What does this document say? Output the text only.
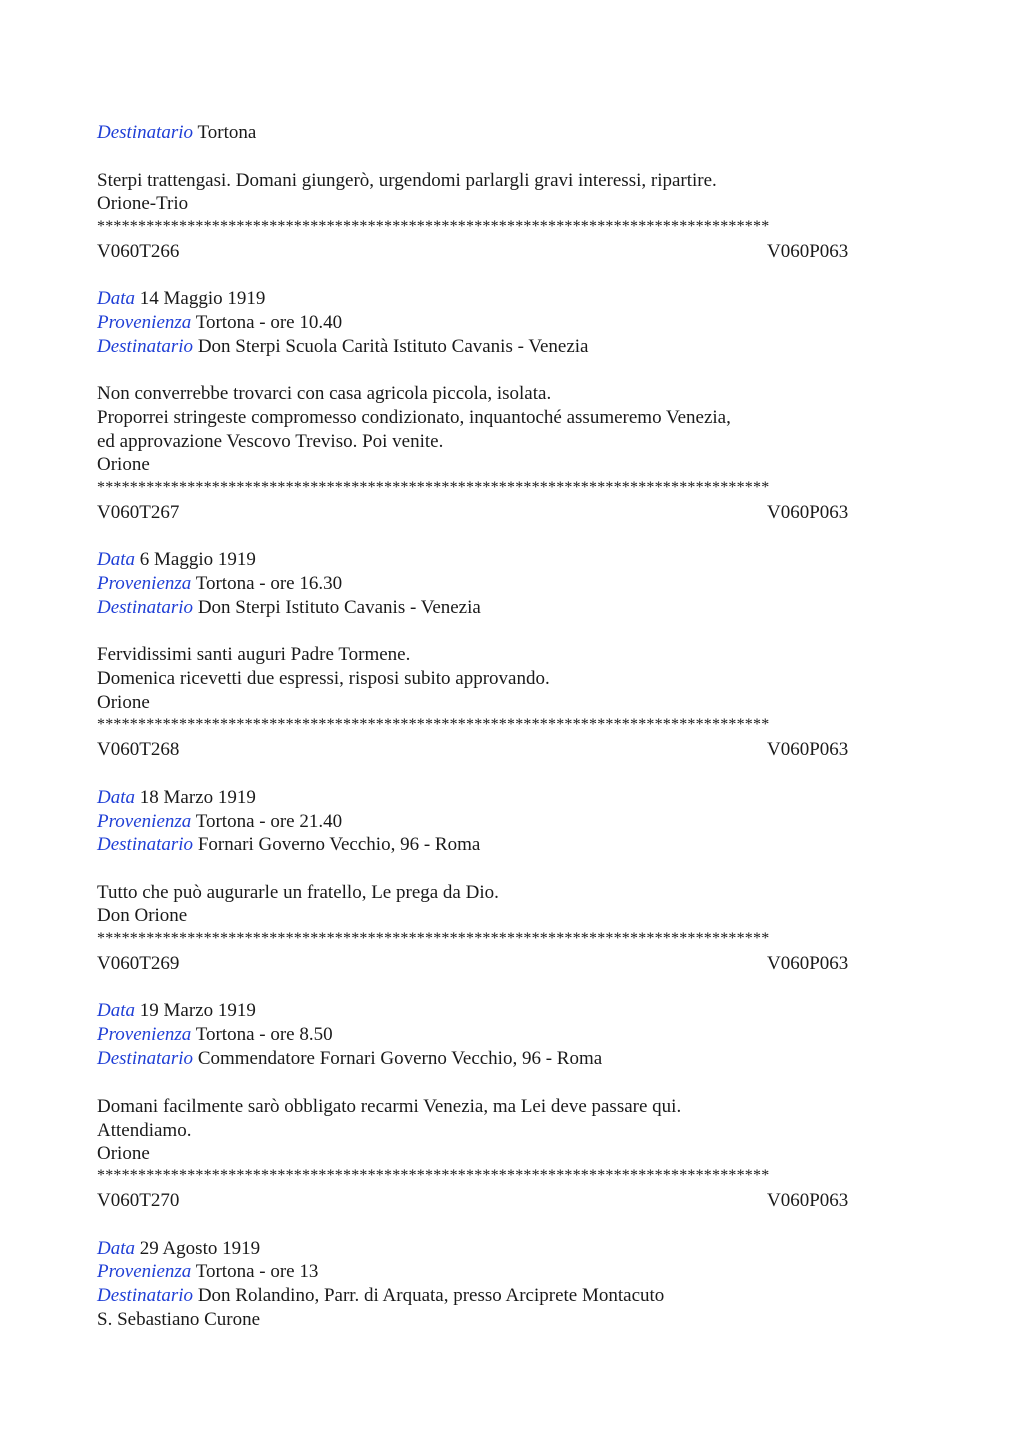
Destinatario Tortona
Sterpi trattengasi. Domani giungerò, urgendomi parlargli gravi interessi, ripartire.
Orione-Trio
**********************************************************************************
V060T266	V060P063
Data 14 Maggio 1919
Provenienza Tortona - ore 10.40
Destinatario Don Sterpi Scuola Carità Istituto Cavanis - Venezia
Non converrebbe trovarci con casa agricola piccola, isolata.
Proporrei stringeste compromesso condizionato, inquantoché assumeremo Venezia,
ed approvazione Vescovo Treviso. Poi venite.
Orione
**********************************************************************************
V060T267	V060P063
Data 6 Maggio 1919
Provenienza Tortona - ore 16.30
Destinatario Don Sterpi Istituto Cavanis - Venezia
Fervidissimi santi auguri Padre Tormene.
Domenica ricevetti due espressi, risposi subito approvando.
Orione
**********************************************************************************
V060T268	V060P063
Data 18 Marzo 1919
Provenienza Tortona - ore 21.40
Destinatario Fornari Governo Vecchio, 96 - Roma
Tutto che può augurarle un fratello, Le prega da Dio.
Don Orione
**********************************************************************************
V060T269	V060P063
Data 19 Marzo 1919
Provenienza Tortona - ore 8.50
Destinatario Commendatore Fornari Governo Vecchio, 96 - Roma
Domani facilmente sarò obbligato recarmi Venezia, ma Lei deve passare qui.
Attendiamo.
Orione
**********************************************************************************
V060T270	V060P063
Data 29 Agosto 1919
Provenienza Tortona - ore 13
Destinatario Don Rolandino, Parr. di Arquata, presso Arciprete Montacuto
S. Sebastiano Curone
